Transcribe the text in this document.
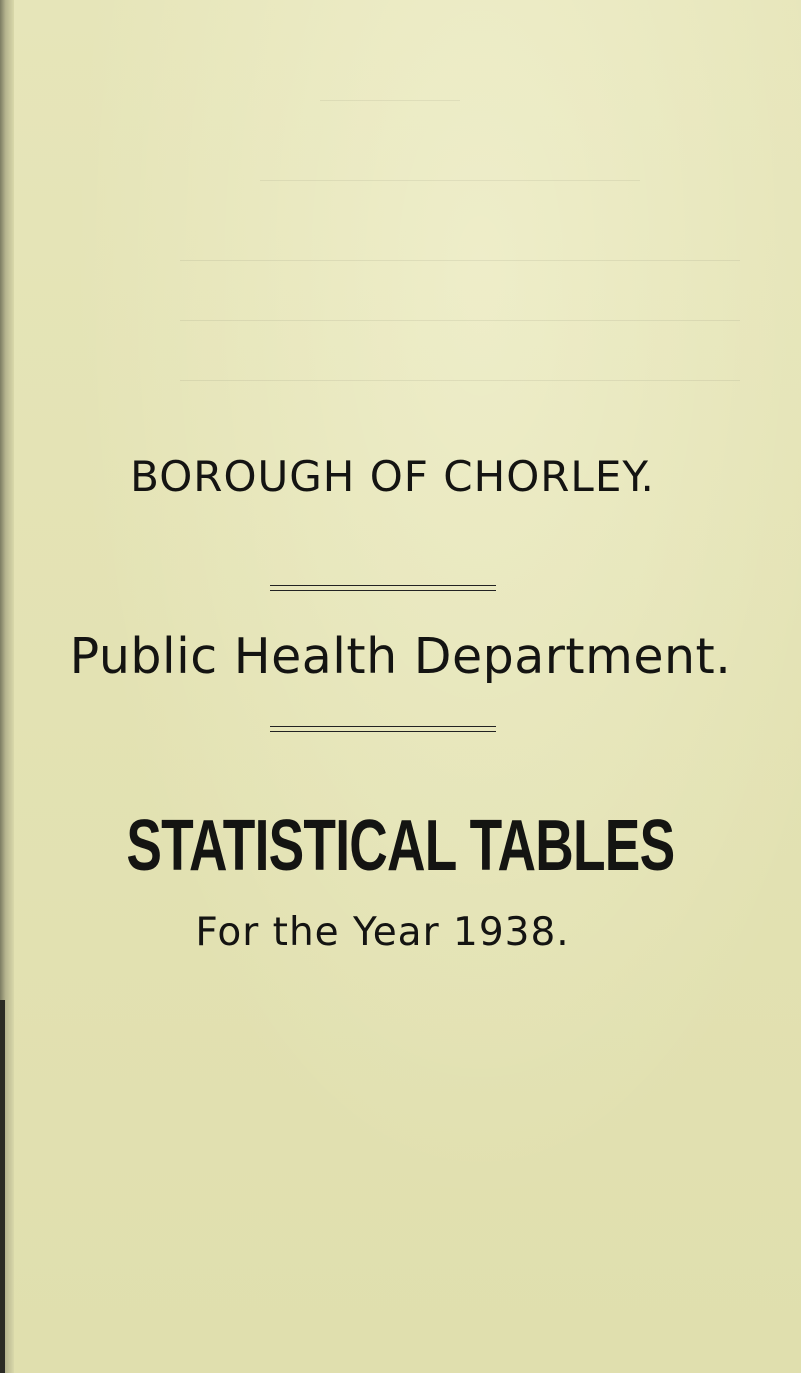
BOROUGH OF CHORLEY.
Public Health Department.
STATISTICAL TABLES
For the Year 1938.
